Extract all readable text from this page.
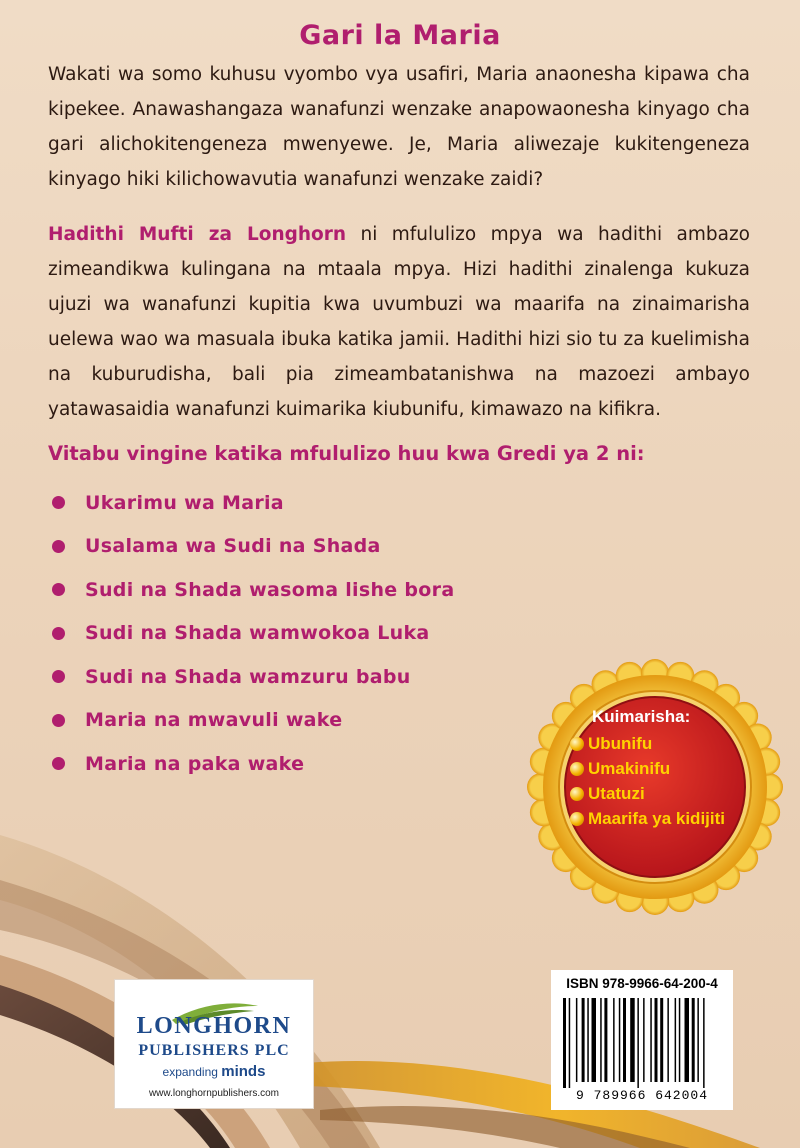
Gari la Maria

Wakati wa somo kuhusu vyombo vya usafiri, Maria anaonesha kipawa cha kipekee. Anawashangaza wanafunzi wenzake anapowaonesha kinyago cha gari alichokitengeneza mwenyewe. Je, Maria aliwezaje kukitengeneza kinyago hiki kilichowavutia wanafunzi wenzake zaidi?

Hadithi Mufti za Longhorn ni mfululizo mpya wa hadithi ambazo zimeandikwa kulingana na mtaala mpya. Hizi hadithi zinalenga kukuza ujuzi wa wanafunzi kupitia kwa uvumbuzi wa maarifa na zinaimarisha uelewa wao wa masuala ibuka katika jamii. Hadithi hizi sio tu za kuelimisha na kuburudisha, bali pia zimeambatanishwa na mazoezi ambayo yatawasaidia wanafunzi kuimarika kiubunifu, kimawazo na kifikra.

Vitabu vingine katika mfululizo huu kwa Gredi ya 2 ni:
Ukarimu wa Maria
Usalama wa Sudi na Shada
Sudi na Shada wasoma lishe bora
Sudi na Shada wamwokoa Luka
Sudi na Shada wamzuru babu
Maria na mwavuli wake
Maria na paka wake
Kuimarisha:
Ubunifu
Umakinifu
Utatuzi
Maarifa ya kidijiti
LONGHORN
PUBLISHERS PLC
expanding minds
www.longhornpublishers.com
ISBN 978-9966-64-200-4
9 789966 642004
